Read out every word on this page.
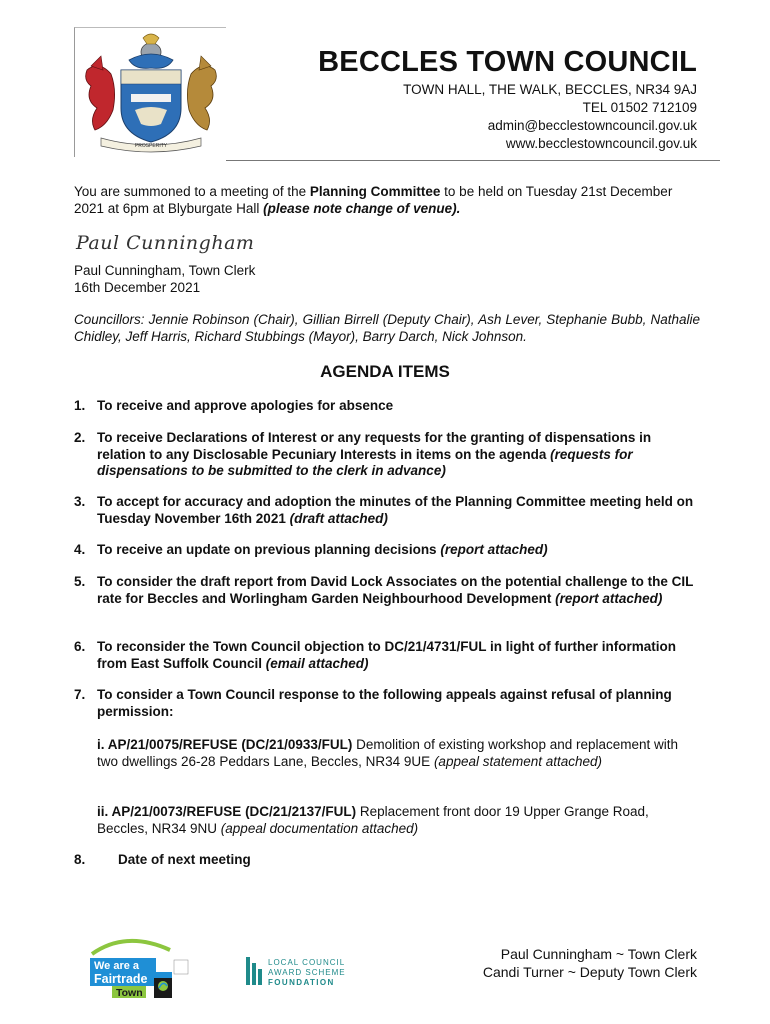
PROSPERITY
BECCLES TOWN COUNCIL
TOWN HALL, THE WALK, BECCLES, NR34 9AJ
TEL 01502 712109
admin@becclestowncouncil.gov.uk
www.becclestowncouncil.gov.uk
You are summoned to a meeting of the Planning Committee to be held on Tuesday 21st December 2021 at 6pm at Blyburgate Hall (please note change of venue).
Paul Cunningham
Paul Cunningham, Town Clerk
16th December 2021
Councillors: Jennie Robinson (Chair), Gillian Birrell (Deputy Chair), Ash Lever, Stephanie Bubb, Nathalie Chidley, Jeff Harris, Richard Stubbings (Mayor), Barry Darch, Nick Johnson.
AGENDA ITEMS
1. To receive and approve apologies for absence
2. To receive Declarations of Interest or any requests for the granting of dispensations in relation to any Disclosable Pecuniary Interests in items on the agenda (requests for dispensations to be submitted to the clerk in advance)
3. To accept for accuracy and adoption the minutes of the Planning Committee meeting held on Tuesday November 16th 2021 (draft attached)
4. To receive an update on previous planning decisions (report attached)
5. To consider the draft report from David Lock Associates on the potential challenge to the CIL rate for Beccles and Worlingham Garden Neighbourhood Development (report attached)
6. To reconsider the Town Council objection to DC/21/4731/FUL in light of further information from East Suffolk Council (email attached)
7. To consider a Town Council response to the following appeals against refusal of planning permission:
i. AP/21/0075/REFUSE (DC/21/0933/FUL) Demolition of existing workshop and replacement with two dwellings 26-28 Peddars Lane, Beccles, NR34 9UE (appeal statement attached)
ii. AP/21/0073/REFUSE (DC/21/2137/FUL) Replacement front door 19 Upper Grange Road, Beccles, NR34 9NU (appeal documentation attached)
8. Date of next meeting
We are a
Fairtrade
Town
LOCAL COUNCIL
AWARD SCHEME
FOUNDATION
Paul Cunningham ~ Town Clerk
Candi Turner ~ Deputy Town Clerk
